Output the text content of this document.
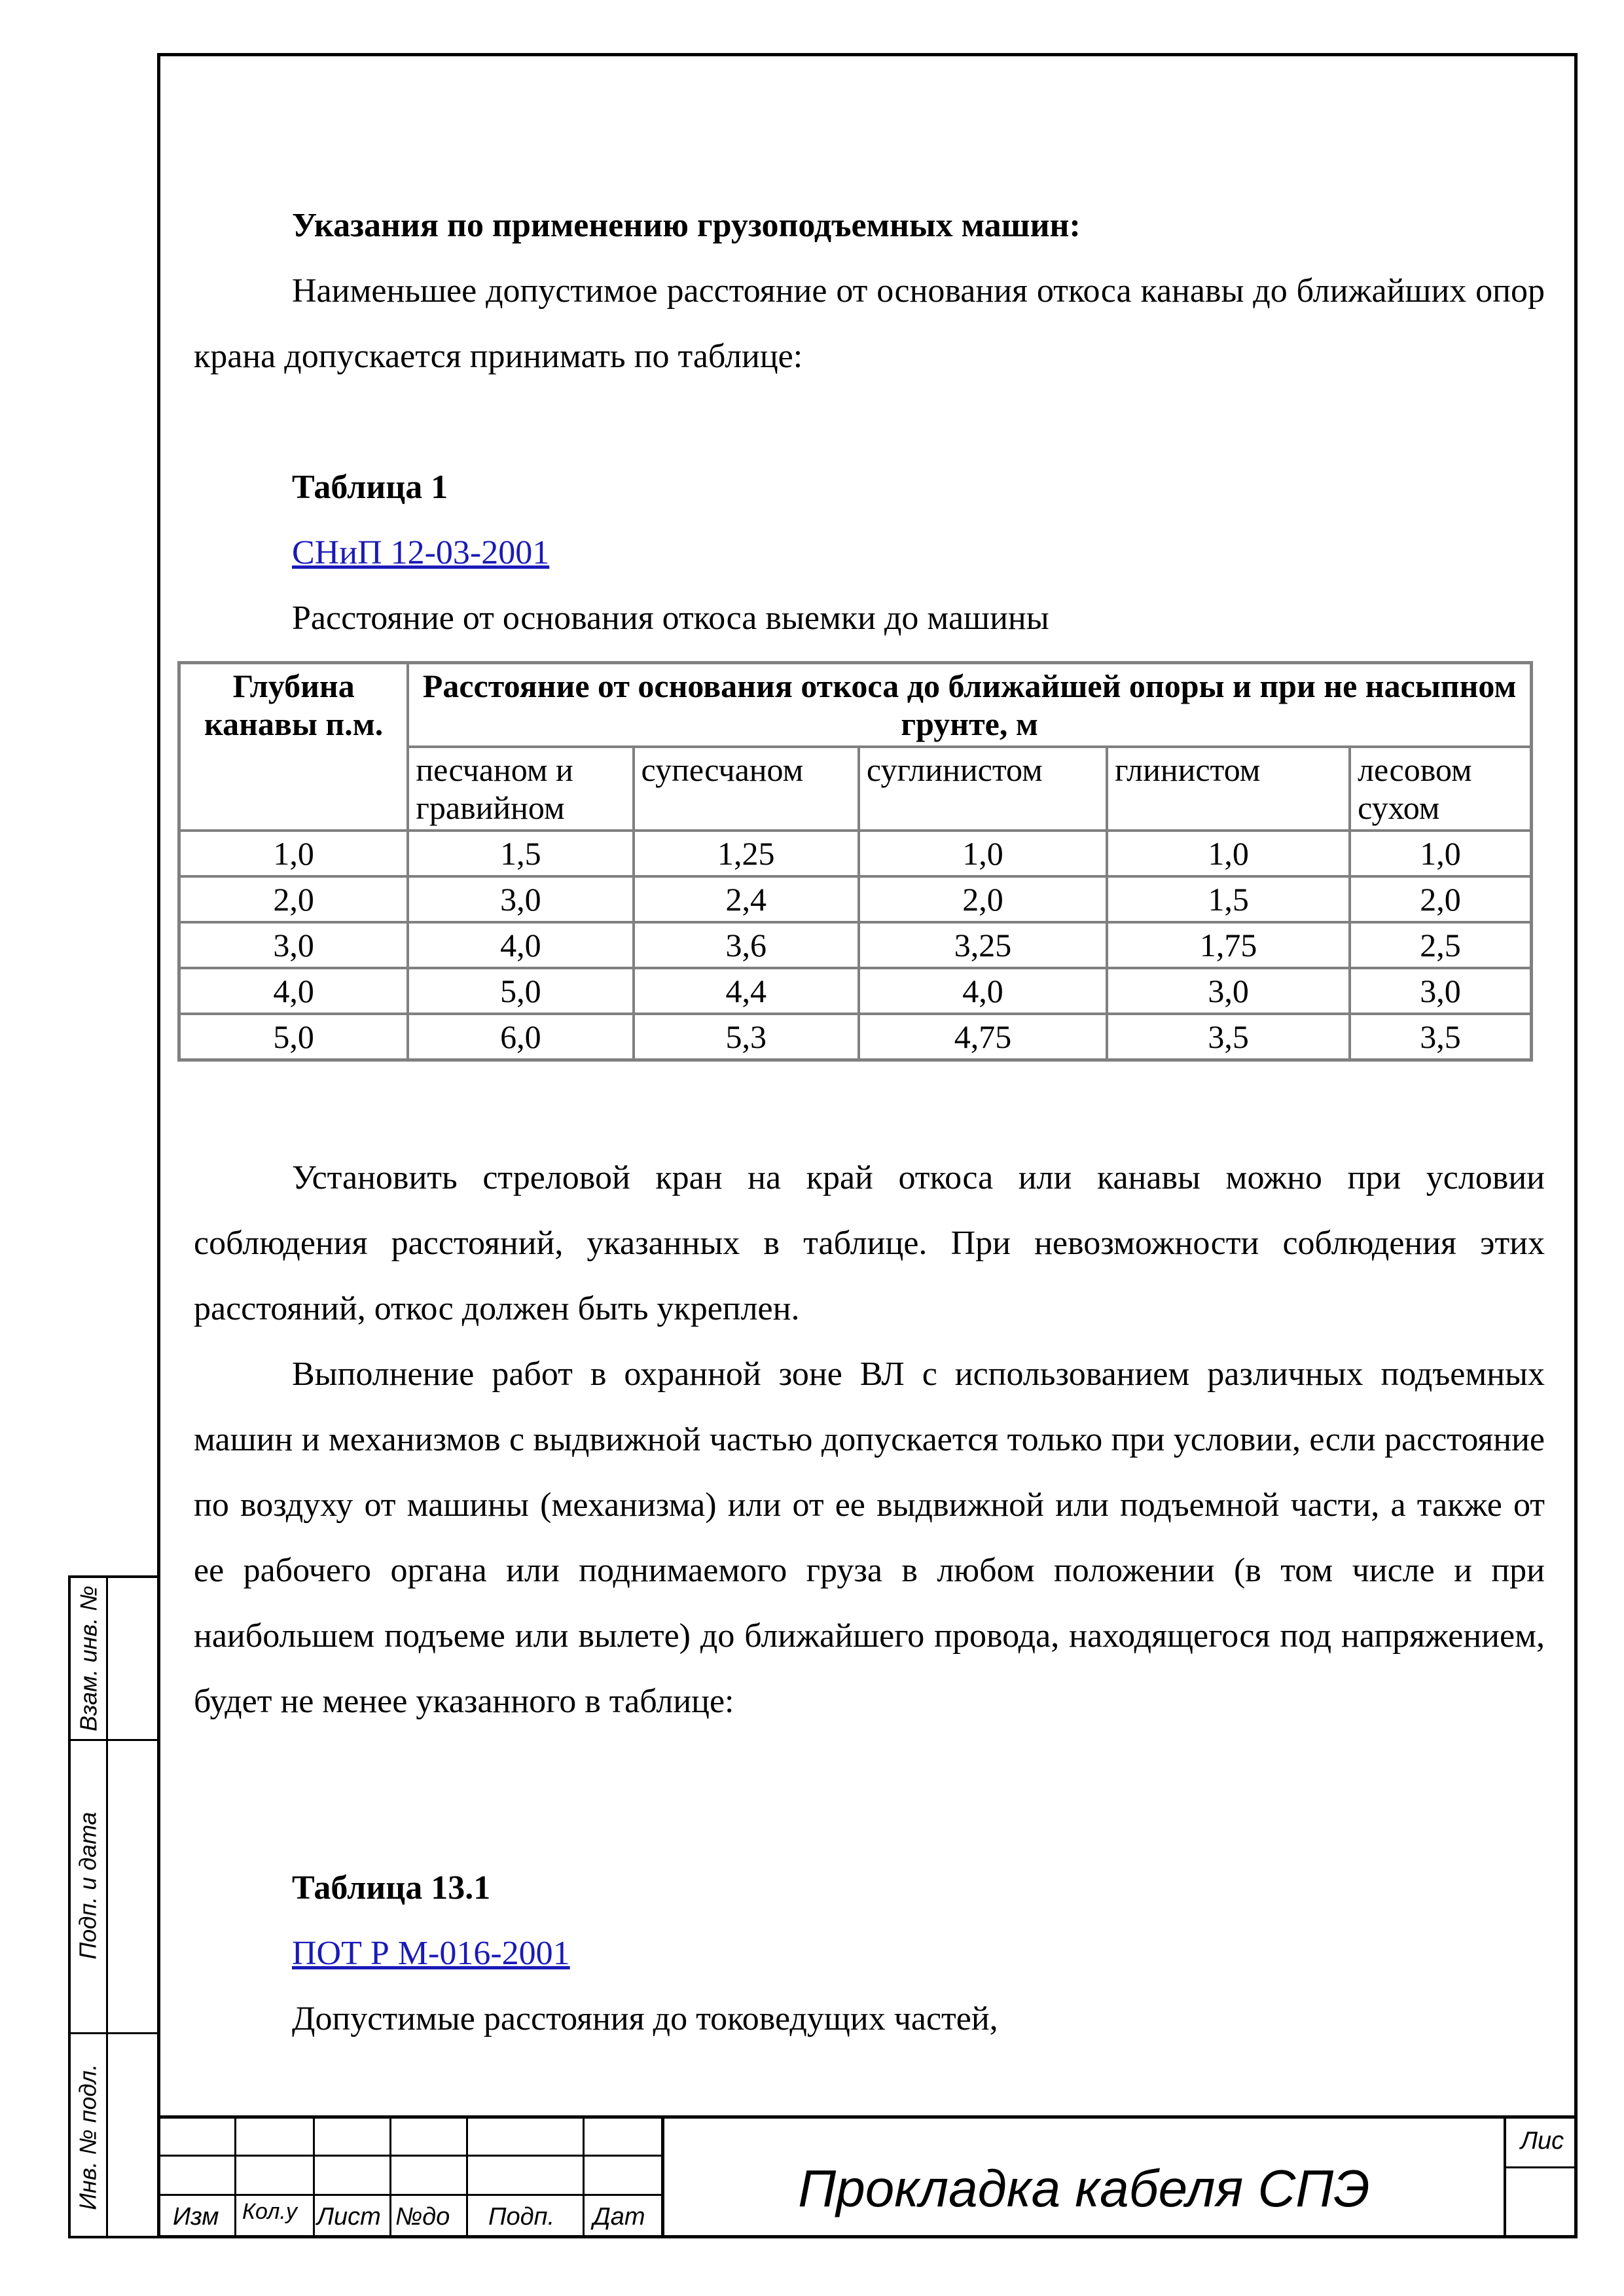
Взам. инв. №
Подп. и дата
Инв. № подл.
Указания по применению грузоподъемных машин:
Наименьшее допустимое расстояние от основания откоса канавы до ближайших опор крана допускается принимать по таблице:
Таблица 1
СНиП 12-03-2001
Расстояние от основания откоса выемки до машины
Глубина канавы п.м.	Расстояние от основания откоса до ближайшей опоры и при не насыпном грунте, м				
	песчаном и гравийном	супесчаном	суглинистом	глинистом	лесовом сухом
1,0	1,5	1,25	1,0	1,0	1,0
2,0	3,0	2,4	2,0	1,5	2,0
3,0	4,0	3,6	3,25	1,75	2,5
4,0	5,0	4,4	4,0	3,0	3,0
5,0	6,0	5,3	4,75	3,5	3,5
Установить стреловой кран на край откоса или канавы можно при условии соблюдения расстояний, указанных в таблице. При невозможности соблюдения этих расстояний, откос должен быть укреплен.
Выполнение работ в охранной зоне ВЛ с использованием различных подъемных машин и механизмов с выдвижной частью допускается только при условии, если расстояние по воздуху от машины (механизма) или от ее выдвижной или подъемной части, а также от ее рабочего органа или поднимаемого груза в любом положении (в том числе и при наибольшем подъеме или вылете) до ближайшего провода, находящегося под напряжением, будет не менее указанного в таблице:
Таблица 13.1
ПОТ Р М-016-2001
Допустимые расстояния до токоведущих частей,
Изм Кол.у Лист №до Подп. Дат	Прокладка кабеля СПЭ
Лис
